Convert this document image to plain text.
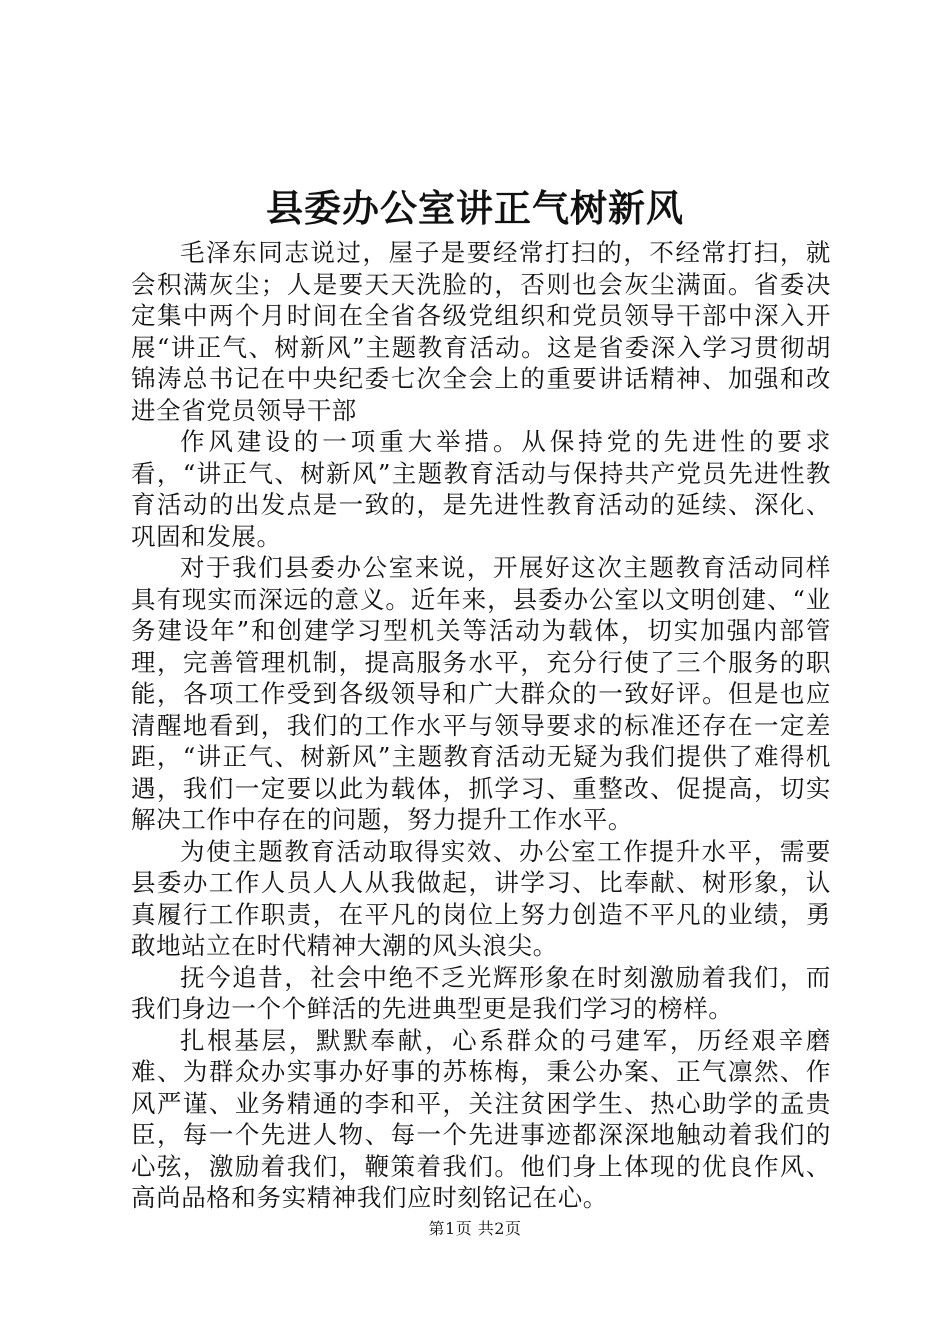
县委办公室讲正气树新风

毛泽东同志说过，屋子是要经常打扫的，不经常打扫，就会积满灰尘；人是要天天洗脸的，否则也会灰尘满面。省委决定集中两个月时间在全省各级党组织和党员领导干部中深入开展“讲正气、树新风”主题教育活动。这是省委深入学习贯彻胡锦涛总书记在中央纪委七次全会上的重要讲话精神、加强和改进全省党员领导干部

作风建设的一项重大举措。从保持党的先进性的要求看，“讲正气、树新风”主题教育活动与保持共产党员先进性教育活动的出发点是一致的，是先进性教育活动的延续、深化、巩固和发展。

对于我们县委办公室来说，开展好这次主题教育活动同样具有现实而深远的意义。近年来，县委办公室以文明创建、“业务建设年”和创建学习型机关等活动为载体，切实加强内部管理，完善管理机制，提高服务水平，充分行使了三个服务的职能，各项工作受到各级领导和广大群众的一致好评。但是也应清醒地看到，我们的工作水平与领导要求的标准还存在一定差距，“讲正气、树新风”主题教育活动无疑为我们提供了难得机遇，我们一定要以此为载体，抓学习、重整改、促提高，切实解决工作中存在的问题，努力提升工作水平。

为使主题教育活动取得实效、办公室工作提升水平，需要县委办工作人员人人从我做起，讲学习、比奉献、树形象，认真履行工作职责，在平凡的岗位上努力创造不平凡的业绩，勇敢地站立在时代精神大潮的风头浪尖。

抚今追昔，社会中绝不乏光辉形象在时刻激励着我们，而我们身边一个个鲜活的先进典型更是我们学习的榜样。

扎根基层，默默奉献，心系群众的弓建军，历经艰辛磨难、为群众办实事办好事的苏栋梅，秉公办案、正气凛然、作风严谨、业务精通的李和平，关注贫困学生、热心助学的孟贵臣，每一个先进人物、每一个先进事迹都深深地触动着我们的心弦，激励着我们，鞭策着我们。他们身上体现的优良作风、高尚品格和务实精神我们应时刻铭记在心。

第1页 共2页
